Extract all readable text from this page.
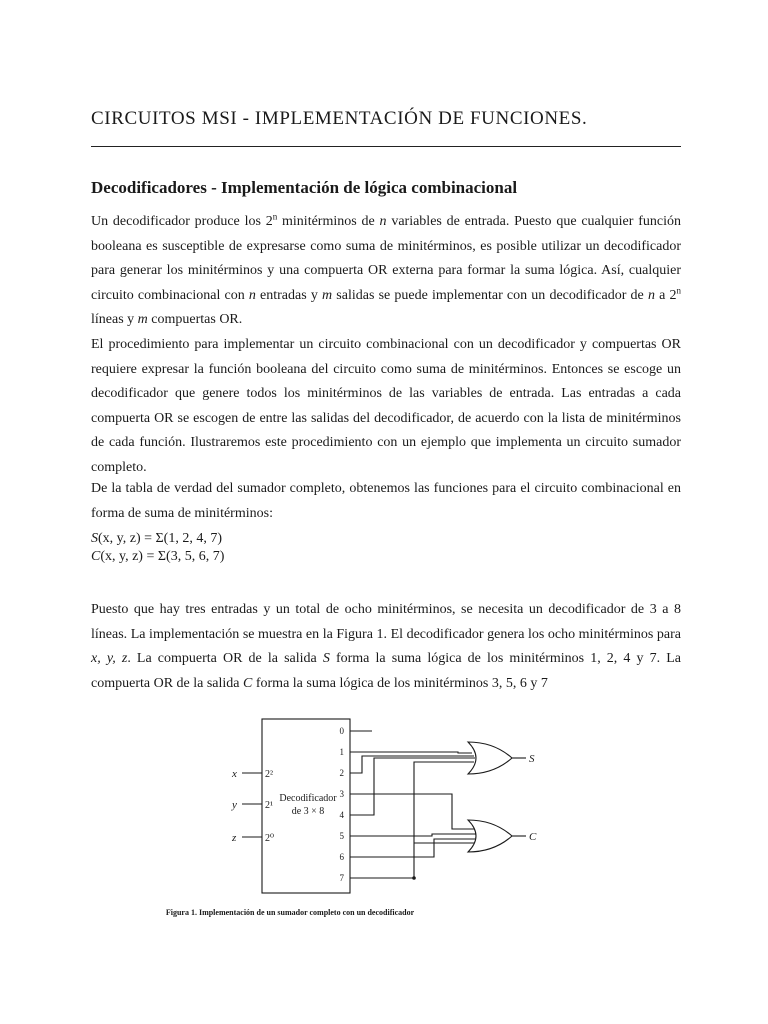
CIRCUITOS MSI - IMPLEMENTACIÓN DE FUNCIONES.
Decodificadores - Implementación de lógica combinacional

Un decodificador produce los 2$^n$ minitérminos de n variables de entrada. Puesto que cualquier función booleana es susceptible de expresarse como suma de minitérminos, es posible utilizar un decodificador para generar los minitérminos y una compuerta OR externa para formar la suma lógica. Así, cualquier circuito combinacional con n entradas y m salidas se puede implementar con un decodificador de n a 2$^n$ líneas y m compuertas OR.

El procedimiento para implementar un circuito combinacional con un decodificador y compuertas OR requiere expresar la función booleana del circuito como suma de minitérminos. Entonces se escoge un decodificador que genere todos los minitérminos de las variables de entrada. Las entradas a cada compuerta OR se escogen de entre las salidas del decodificador, de acuerdo con la lista de minitérminos de cada función. Ilustraremos este procedimiento con un ejemplo que implementa un circuito sumador completo.

De la tabla de verdad del sumador completo, obtenemos las funciones para el circuito combinacional en forma de suma de minitérminos:

S(x, y, z) = Σ(1, 2, 4, 7)
C(x, y, z) = Σ(3, 5, 6, 7)

Puesto que hay tres entradas y un total de ocho minitérminos, se necesita un decodificador de 3 a 8 líneas. La implementación se muestra en la Figura 1. El decodificador genera los ocho minitérminos para x, y, z. La compuerta OR de la salida S forma la suma lógica de los minitérminos 1, 2, 4 y 7. La compuerta OR de la salida C forma la suma lógica de los minitérminos 3, 5, 6 y 7

x
y
z
2²
2¹
2⁰
Decodificador
de 3 × 8
0
1
2
3
4
5
6
7
S
C

Figura 1. Implementación de un sumador completo con un decodificador
